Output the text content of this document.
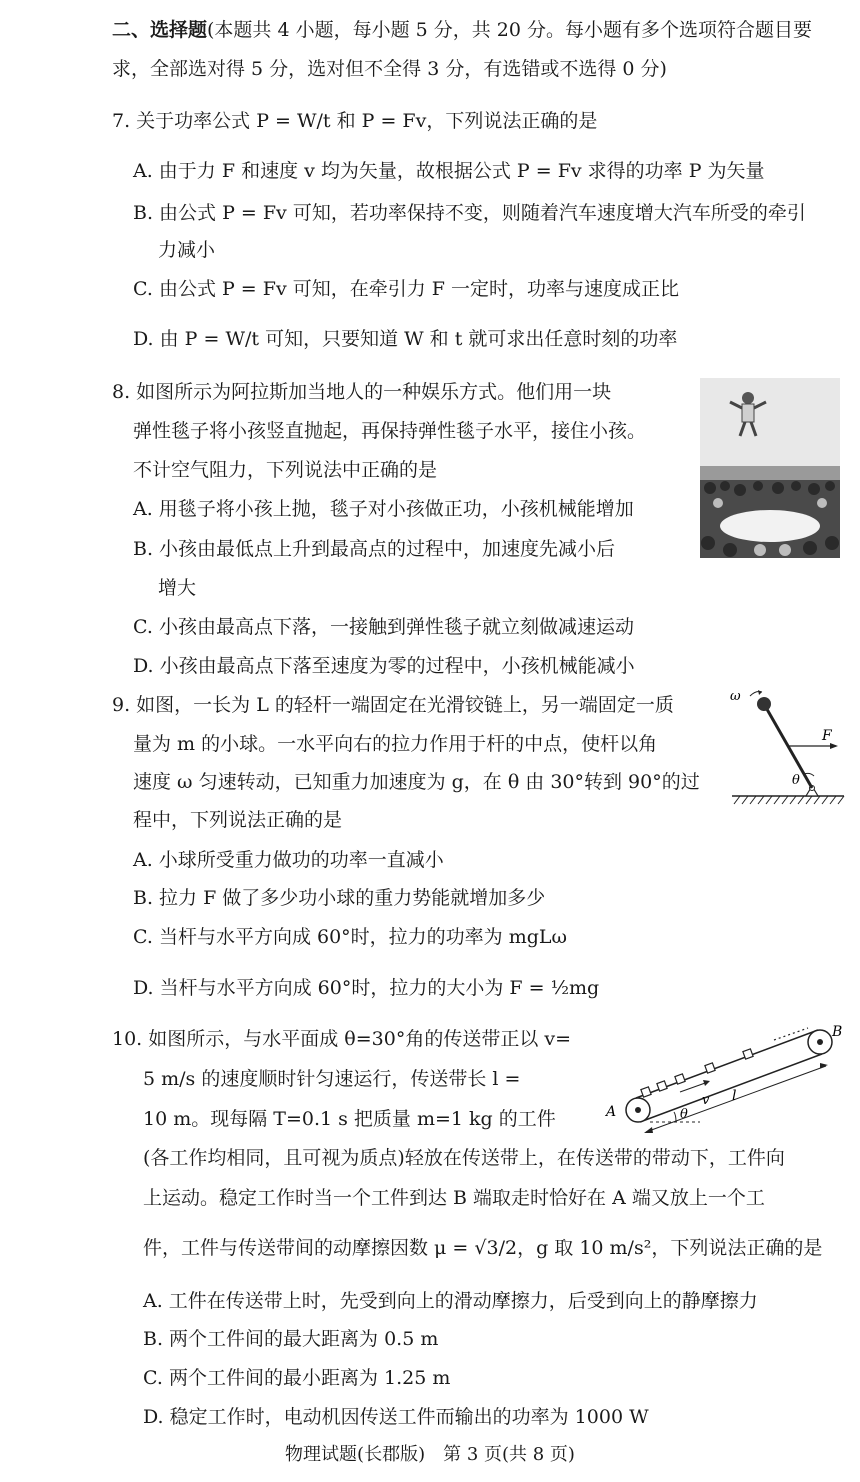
二、选择题(本题共 4 小题，每小题 5 分，共 20 分。每小题有多个选项符合题目要
求，全部选对得 5 分，选对但不全得 3 分，有选错或不选得 0 分)
7. 关于功率公式 P = W/t 和 P = Fv，下列说法正确的是
A. 由于力 F 和速度 v 均为矢量，故根据公式 P = Fv 求得的功率 P 为矢量
B. 由公式 P = Fv 可知，若功率保持不变，则随着汽车速度增大汽车所受的牵引
力减小
C. 由公式 P = Fv 可知，在牵引力 F 一定时，功率与速度成正比
D. 由 P = W/t 可知，只要知道 W 和 t 就可求出任意时刻的功率
8. 如图所示为阿拉斯加当地人的一种娱乐方式。他们用一块
弹性毯子将小孩竖直抛起，再保持弹性毯子水平，接住小孩。
不计空气阻力，下列说法中正确的是
A. 用毯子将小孩上抛，毯子对小孩做正功，小孩机械能增加
B. 小孩由最低点上升到最高点的过程中，加速度先减小后
增大
C. 小孩由最高点下落，一接触到弹性毯子就立刻做减速运动
D. 小孩由最高点下落至速度为零的过程中，小孩机械能减小
9. 如图，一长为 L 的轻杆一端固定在光滑铰链上，另一端固定一质
量为 m 的小球。一水平向右的拉力作用于杆的中点，使杆以角
速度 ω 匀速转动，已知重力加速度为 g，在 θ 由 30°转到 90°的过
程中，下列说法正确的是
A. 小球所受重力做功的功率一直减小
B. 拉力 F 做了多少功小球的重力势能就增加多少
C. 当杆与水平方向成 60°时，拉力的功率为 mgLω
D. 当杆与水平方向成 60°时，拉力的大小为 F = ½mg
ω
F
θ
10. 如图所示，与水平面成 θ=30°角的传送带正以 v=
5 m/s 的速度顺时针匀速运行，传送带长 l =
10 m。现每隔 T=0.1 s 把质量 m=1 kg 的工件
(各工作均相同，且可视为质点)轻放在传送带上，在传送带的带动下，工件向
上运动。稳定工作时当一个工件到达 B 端取走时恰好在 A 端又放上一个工
件，工件与传送带间的动摩擦因数 μ = √3/2，g 取 10 m/s²，下列说法正确的是
A. 工件在传送带上时，先受到向上的滑动摩擦力，后受到向上的静摩擦力
B. 两个工件间的最大距离为 0.5 m
C. 两个工件间的最小距离为 1.25 m
D. 稳定工作时，电动机因传送工件而输出的功率为 1000 W
A
B
v l
θ
物理试题(长郡版)　第 3 页(共 8 页)
